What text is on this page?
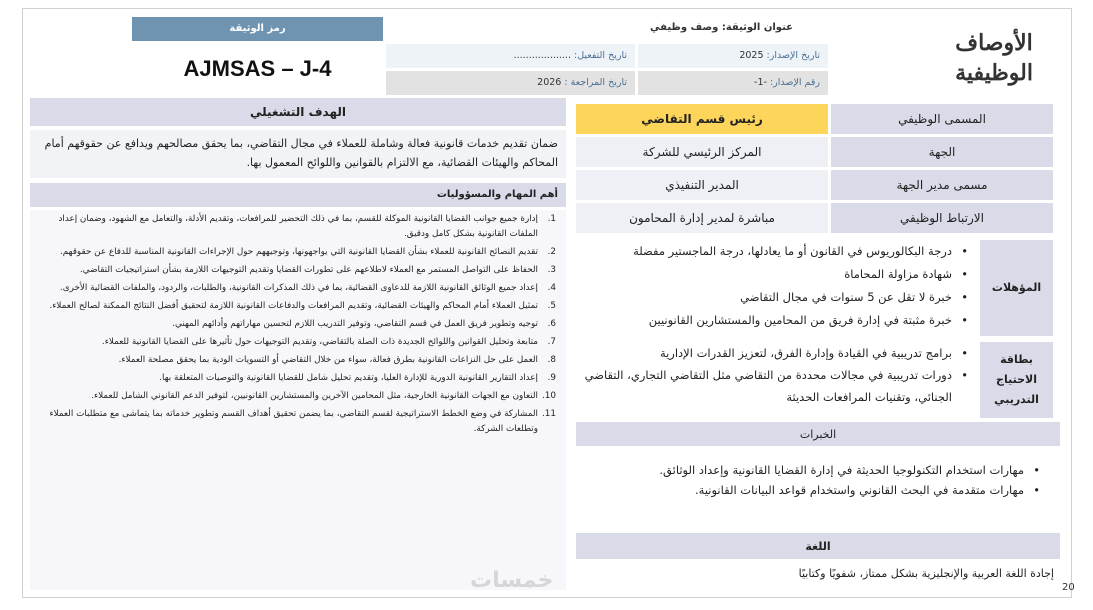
الأوصاف
الوظيفية
عنوان الوثيقة: وصف وظيفي
رمز الوثيقة
AJMSAS – J-4
تاريخ الإصدار: 2025
تاريخ التفعيل: ...................
رقم الإصدار: -1-
تاريخ المراجعة : 2026
المسمى الوظيفي
رئيس قسم التقاضي
الجهة
المركز الرئيسي للشركة
مسمى مدير الجهة
المدير التنفيذي
الارتباط الوظيفي
مباشرة لمدير إدارة المحامون
المؤهلات
• درجة البكالوريوس في القانون أو ما يعادلها، درجة الماجستير مفضلة
• شهادة مزاولة المحاماة
• خبرة لا تقل عن 5 سنوات في مجال التقاضي
• خبرة مثبتة في إدارة فريق من المحامين والمستشارين القانونيين
بطاقة
الاحتياج
التدريبي
• برامج تدريبية في القيادة وإدارة الفرق، لتعزيز القدرات الإدارية
• دورات تدريبية في مجالات محددة من التقاضي مثل التقاضي التجاري، التقاضي الجنائي، وتقنيات المرافعات الحديثة
الخبرات
• مهارات استخدام التكنولوجيا الحديثة في إدارة القضايا القانونية وإعداد الوثائق.
• مهارات متقدمة في البحث القانوني واستخدام قواعد البيانات القانونية.
اللغة
إجادة اللغة العربية والإنجليزية بشكل ممتاز، شفويًا وكتابيًا
الهدف التشغيلي
ضمان تقديم خدمات قانونية فعالة وشاملة للعملاء في مجال التقاضي، بما يحقق مصالحهم ويدافع عن حقوقهم أمام المحاكم والهيئات القضائية، مع الالتزام بالقوانين واللوائح المعمول بها.
أهم المهام والمسؤوليات
1.
إدارة جميع جوانب القضايا القانونية الموكلة للقسم، بما في ذلك التحضير للمرافعات، وتقديم الأدلة، والتعامل مع الشهود، وضمان إعداد الملفات القانونية بشكل كامل ودقيق.
2.
تقديم النصائح القانونية للعملاء بشأن القضايا القانونية التي يواجهونها، وتوجيههم حول الإجراءات القانونية المناسبة للدفاع عن حقوقهم.
3.
الحفاظ على التواصل المستمر مع العملاء لاطلاعهم على تطورات القضايا وتقديم التوجيهات اللازمة بشأن استراتيجيات التقاضي.
4.
إعداد جميع الوثائق القانونية اللازمة للدعاوى القضائية، بما في ذلك المذكرات القانونية، والطلبات، والردود، والملفات القضائية الأخرى.
5.
تمثيل العملاء أمام المحاكم والهيئات القضائية، وتقديم المرافعات والدفاعات القانونية اللازمة لتحقيق أفضل النتائج الممكنة لصالح العملاء.
6.
توجيه وتطوير فريق العمل في قسم التقاضي، وتوفير التدريب اللازم لتحسين مهاراتهم وأدائهم المهني.
7.
متابعة وتحليل القوانين واللوائح الجديدة ذات الصلة بالتقاضي، وتقديم التوجيهات حول تأثيرها على القضايا القانونية للعملاء.
8.
العمل على حل النزاعات القانونية بطرق فعالة، سواء من خلال التقاضي أو التسويات الودية بما يحقق مصلحة العملاء.
9.
إعداد التقارير القانونية الدورية للإدارة العليا، وتقديم تحليل شامل للقضايا القانونية والتوصيات المتعلقة بها.
10.
التعاون مع الجهات القانونية الخارجية، مثل المحامين الآخرين والمستشارين القانونيين، لتوفير الدعم القانوني الشامل للعملاء.
11.
المشاركة في وضع الخطط الاستراتيجية لقسم التقاضي، بما يضمن تحقيق أهداف القسم وتطوير خدماته بما يتماشى مع متطلبات العملاء وتطلعات الشركة.
خمسات	20
